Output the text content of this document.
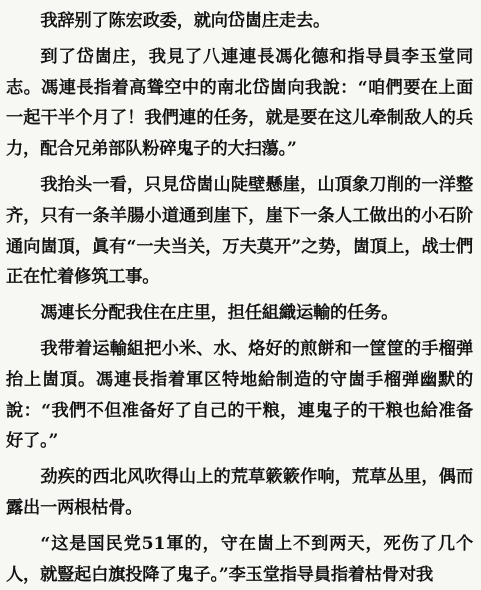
我辞别了陈宏政委，就向岱崮庄走去。

到了岱崮庄，我見了八連連長馮化德和指导員李玉堂同志。馮連長指着高聳空中的南北岱崮向我說：“咱們要在上面一起干半个月了！我們連的任务，就是要在这儿牵制敌人的兵力，配合兄弟部队粉碎鬼子的大扫蕩。”

我抬头一看，只見岱崮山陡壁懸崖，山頂象刀削的一洋整齐，只有一条羊腸小道通到崖下，崖下一条人工做出的小石阶通向崮頂，眞有“一夫当关，万夫莫开”之势，崮頂上，战士們正在忙着修筑工事。

馮連长分配我住在庄里，担任組織运輸的任务。

我带着运輸組把小米、水、烙好的煎餅和一筐筐的手榴弹抬上崮頂。馮連長指着軍区特地給制造的守崮手榴弹幽默的說：“我們不但准备好了自己的干粮，連鬼子的干粮也給准备好了。”

劲疾的西北风吹得山上的荒草簌簌作响，荒草丛里，偶而露出一两根枯骨。

“这是国民党51軍的，守在崮上不到两天，死伤了几个人，就豎起白旗投降了鬼子。”李玉堂指导員指着枯骨对我
